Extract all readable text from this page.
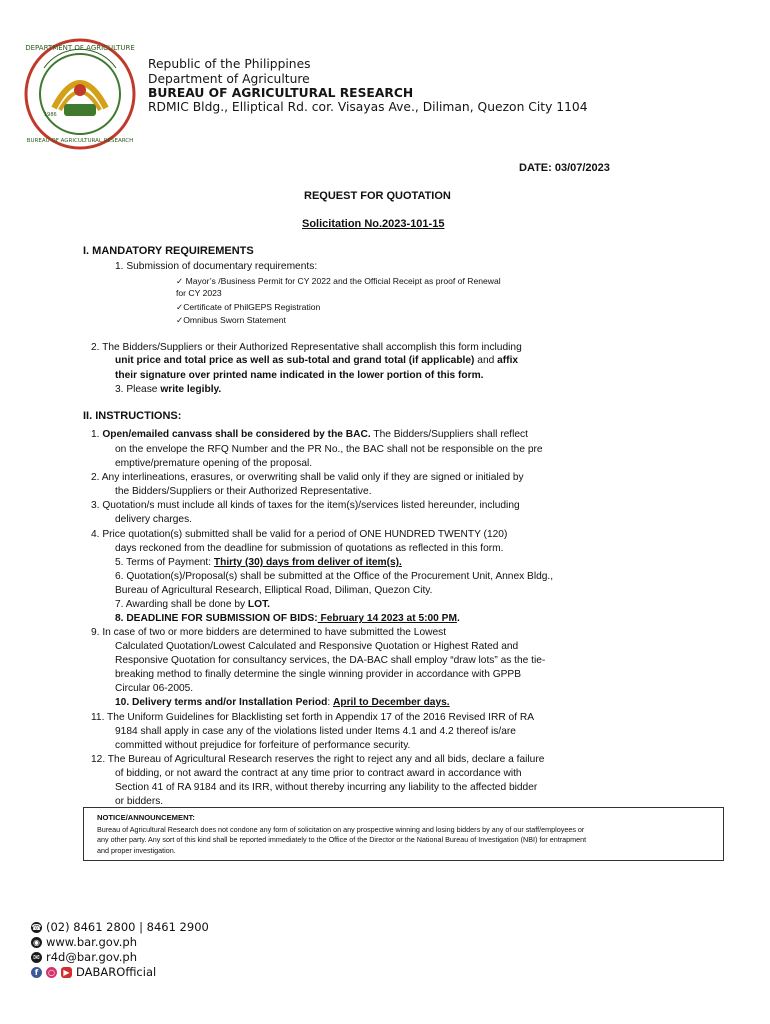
DEPARTMENT OF AGRICULTURE
BUREAU OF AGRICULTURAL RESEARCH
1986
Republic of the Philippines
Department of Agriculture
BUREAU OF AGRICULTURAL RESEARCH
RDMIC Bldg., Elliptical Rd. cor. Visayas Ave., Diliman, Quezon City 1104
DATE: 03/07/2023
REQUEST FOR QUOTATION
Solicitation No.2023-101-15
I. MANDATORY REQUIREMENTS
1. Submission of documentary requirements:
✓ Mayor’s /Business Permit for CY 2022 and the Official Receipt as proof of Renewal
for CY 2023
✓Certificate of PhilGEPS Registration
✓Omnibus Sworn Statement
2. The Bidders/Suppliers or their Authorized Representative shall accomplish this form including
unit price and total price as well as sub-total and grand total (if applicable) and affix
their signature over printed name indicated in the lower portion of this form.
3. Please write legibly.
II. INSTRUCTIONS:
1. Open/emailed canvass shall be considered by the BAC. The Bidders/Suppliers shall reflect
on the envelope the RFQ Number and the PR No., the BAC shall not be responsible on the pre
emptive/premature opening of the proposal.
2. Any interlineations, erasures, or overwriting shall be valid only if they are signed or initialed by
the Bidders/Suppliers or their Authorized Representative.
3. Quotation/s must include all kinds of taxes for the item(s)/services listed hereunder, including
delivery charges.
4. Price quotation(s) submitted shall be valid for a period of ONE HUNDRED TWENTY (120)
days reckoned from the deadline for submission of quotations as reflected in this form.
5. Terms of Payment: Thirty (30) days from deliver of item(s).
6. Quotation(s)/Proposal(s) shall be submitted at the Office of the Procurement Unit, Annex Bldg.,
Bureau of Agricultural Research, Elliptical Road, Diliman, Quezon City.
7. Awarding shall be done by LOT.
8. DEADLINE FOR SUBMISSION OF BIDS: February 14 2023 at 5:00 PM.
9. In case of two or more bidders are determined to have submitted the Lowest
Calculated Quotation/Lowest Calculated and Responsive Quotation or Highest Rated and
Responsive Quotation for consultancy services, the DA-BAC shall employ “draw lots” as the tie-
breaking method to finally determine the single winning provider in accordance with GPPB
Circular 06-2005.
10. Delivery terms and/or Installation Period: April to December days.
11. The Uniform Guidelines for Blacklisting set forth in Appendix 17 of the 2016 Revised IRR of RA
9184 shall apply in case any of the violations listed under Items 4.1 and 4.2 thereof is/are
committed without prejudice for forfeiture of performance security.
12. The Bureau of Agricultural Research reserves the right to reject any and all bids, declare a failure
of bidding, or not award the contract at any time prior to contract award in accordance with
Section 41 of RA 9184 and its IRR, without thereby incurring any liability to the affected bidder
or bidders.
NOTICE/ANNOUNCEMENT:
Bureau of Agricultural Research does not condone any form of solicitation on any prospective winning and losing bidders by any of our staff/employees or
any other party. Any sort of this kind shall be reported immediately to the Office of the Director or the National Bureau of Investigation (NBI) for entrapment
and proper investigation.
☎ (02) 8461 2800 | 8461 2900
◉ www.bar.gov.ph
✉ r4d@bar.gov.ph
f	○	▶ DABAROfficial
